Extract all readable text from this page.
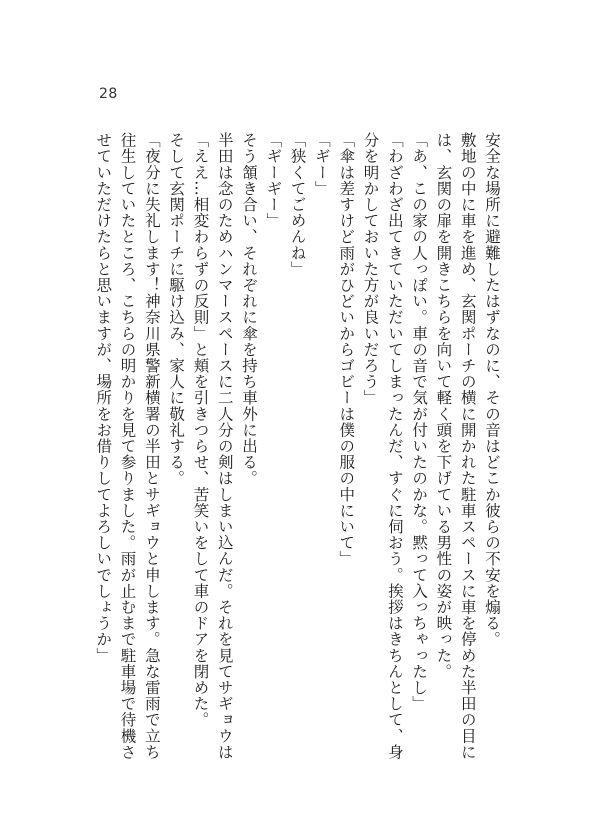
28

安全な場所に避難したはずなのに、その音はどこか彼らの不安を煽る。

敷地の中に車を進め、玄関ポーチの横に開かれた駐車スペースに車を停めた半田の目には、玄関の扉を開きこちらを向いて軽く頭を下げている男性の姿が映った。

「あ、この家の人っぽい。車の音で気が付いたのかな。黙って入っちゃったし」

「わざわざ出てきていただいてしまったんだ、すぐに伺おう。挨拶はきちんとして、身分を明かしておいた方が良いだろう」

「傘は差すけど雨がひどいからゴビーは僕の服の中にいて」

「ギー」

「狭くてごめんね」

「ギーギー」

そう頷き合い、それぞれに傘を持ち車外に出る。

半田は念のためハンマースペースに二人分の剣はしまい込んだ。それを見てサギョウは「ええ…相変わらずの反則」と頬を引きつらせ、苦笑いをして車のドアを閉めた。

そして玄関ポーチに駆け込み、家人に敬礼する。

「夜分に失礼します！神奈川県警新横署の半田とサギョウと申します。急な雷雨で立ち往生していたところ、こちらの明かりを見て参りました。雨が止むまで駐車場で待機させていただけたらと思いますが、場所をお借りしてよろしいでしょうか」
